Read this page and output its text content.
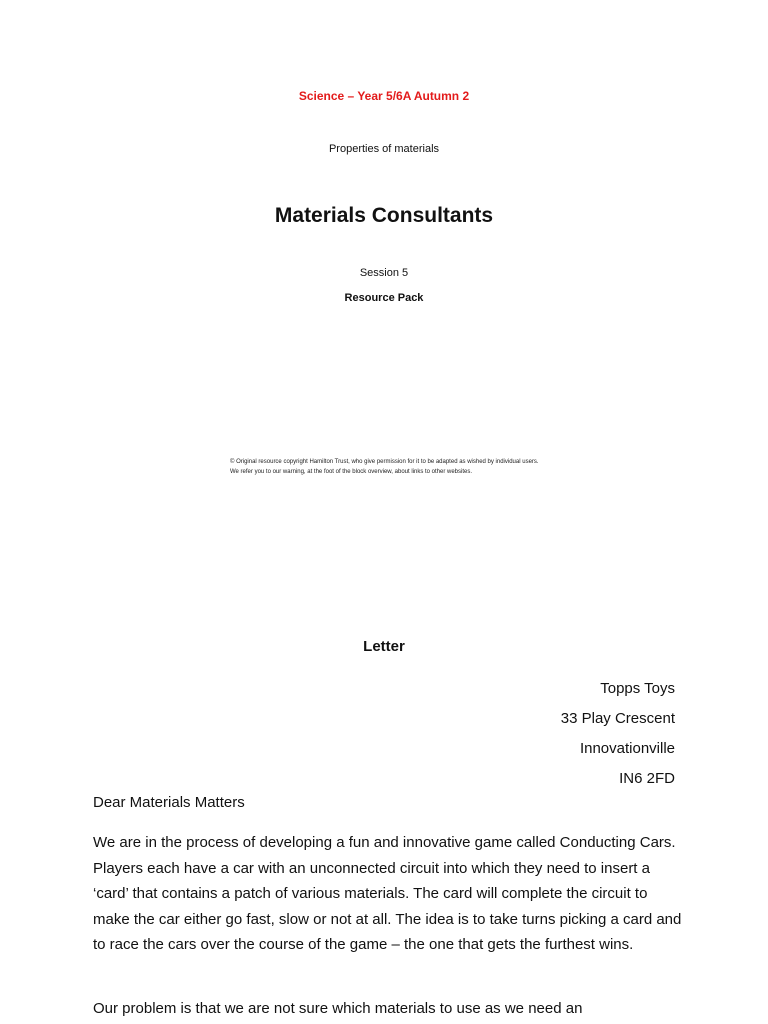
Science – Year 5/6A Autumn 2
Properties of materials
Materials Consultants
Session 5
Resource Pack
© Original resource copyright Hamilton Trust, who give permission for it to be adapted as wished by individual users.
We refer you to our warning, at the foot of the block overview, about links to other websites.
Letter
Topps Toys
33 Play Crescent
Innovationville
IN6 2FD
Dear Materials Matters
We are in the process of developing a fun and innovative game called Conducting Cars. Players each have a car with an unconnected circuit into which they need to insert a ‘card’ that contains a patch of various materials. The card will complete the circuit to make the car either go fast, slow or not at all. The idea is to take turns picking a card and to race the cars over the course of the game – the one that gets the furthest wins.
Our problem is that we are not sure which materials to use as we need an
